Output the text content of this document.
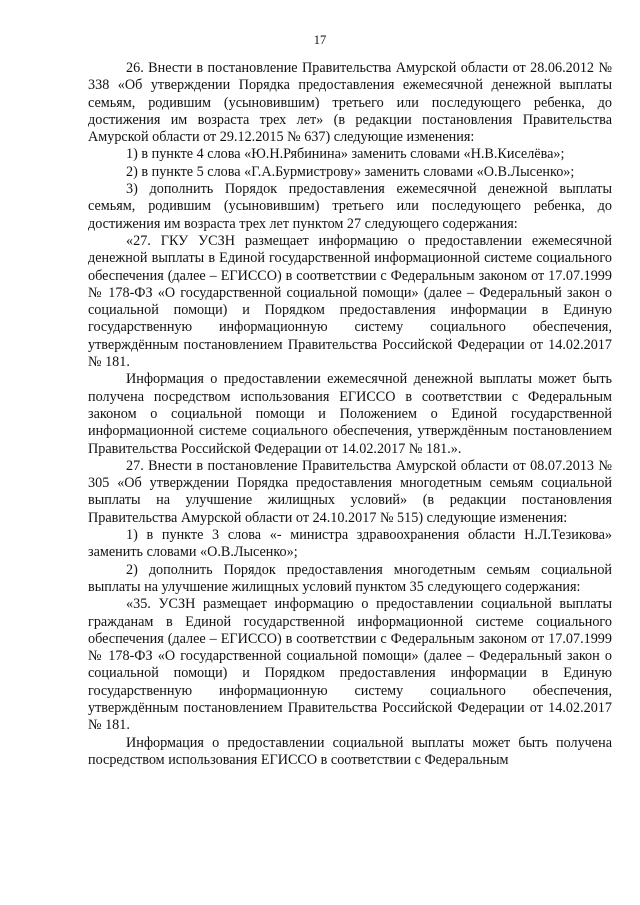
17

26. Внести в постановление Правительства Амурской области от 28.06.2012 № 338 «Об утверждении Порядка предоставления ежемесячной денежной выплаты семьям, родившим (усыновившим) третьего или последующего ребенка, до достижения им возраста трех лет» (в редакции постановления Правительства Амурской области от 29.12.2015 № 637) следующие изменения:

1) в пункте 4 слова «Ю.Н.Рябинина» заменить словами «Н.В.Киселёва»;

2) в пункте 5 слова «Г.А.Бурмистрову» заменить словами «О.В.Лысенко»;

3) дополнить Порядок предоставления ежемесячной денежной выплаты семьям, родившим (усыновившим) третьего или последующего ребенка, до достижения им возраста трех лет пунктом 27 следующего содержания:

«27. ГКУ УСЗН размещает информацию о предоставлении ежемесячной денежной выплаты в Единой государственной информационной системе социального обеспечения (далее – ЕГИССО) в соответствии с Федеральным законом от 17.07.1999 № 178-ФЗ «О государственной социальной помощи» (далее – Федеральный закон о социальной помощи) и Порядком предоставления информации в Единую государственную информационную систему социального обеспечения, утверждённым постановлением Правительства Российской Федерации от 14.02.2017 № 181.

Информация о предоставлении ежемесячной денежной выплаты может быть получена посредством использования ЕГИССО в соответствии с Федеральным законом о социальной помощи и Положением о Единой государственной информационной системе социального обеспечения, утверждённым постановлением Правительства Российской Федерации от 14.02.2017 № 181.».

27. Внести в постановление Правительства Амурской области от 08.07.2013 № 305 «Об утверждении Порядка предоставления многодетным семьям социальной выплаты на улучшение жилищных условий» (в редакции постановления Правительства Амурской области от 24.10.2017 № 515) следующие изменения:

1) в пункте 3 слова «- министра здравоохранения области Н.Л.Тезикова» заменить словами «О.В.Лысенко»;

2) дополнить Порядок предоставления многодетным семьям социальной выплаты на улучшение жилищных условий пунктом 35 следующего содержания:

«35. УСЗН размещает информацию о предоставлении социальной выплаты гражданам в Единой государственной информационной системе социального обеспечения (далее – ЕГИССО) в соответствии с Федеральным законом от 17.07.1999 № 178-ФЗ «О государственной социальной помощи» (далее – Федеральный закон о социальной помощи) и Порядком предоставления информации в Единую государственную информационную систему социального обеспечения, утверждённым постановлением Правительства Российской Федерации от 14.02.2017 № 181.

Информация о предоставлении социальной выплаты может быть получена посредством использования ЕГИССО в соответствии с Федеральным
